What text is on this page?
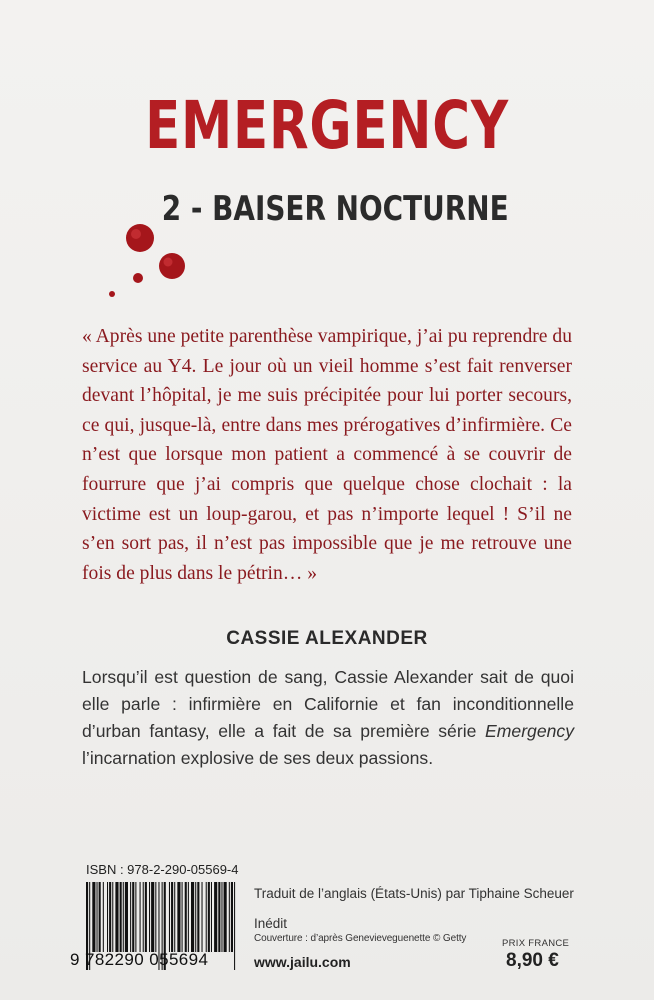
EMERGENCY
2 - BAISER NOCTURNE
« Après une petite parenthèse vampirique, j’ai pu reprendre du service au Y4. Le jour où un vieil homme s’est fait renverser devant l’hôpital, je me suis précipitée pour lui porter secours, ce qui, jusque-là, entre dans mes prérogatives d’infirmière. Ce n’est que lorsque mon patient a commencé à se couvrir de fourrure que j’ai compris que quelque chose clochait : la victime est un loup-garou, et pas n’importe lequel ! S’il ne s’en sort pas, il n’est pas impossible que je me retrouve une fois de plus dans le pétrin… »
CASSIE ALEXANDER
Lorsqu’il est question de sang, Cassie Alexander sait de quoi elle parle : infirmière en Californie et fan inconditionnelle d’urban fantasy, elle a fait de sa première série Emergency l’incarnation explosive de ses deux passions.
ISBN : 978-2-290-05569-4
9 782290 055694
Traduit de l’anglais (États-Unis) par Tiphaine Scheuer
Inédit
Couverture : d’après Genevieveguenette © Getty
www.jailu.com
PRIX FRANCE
8,90 €
